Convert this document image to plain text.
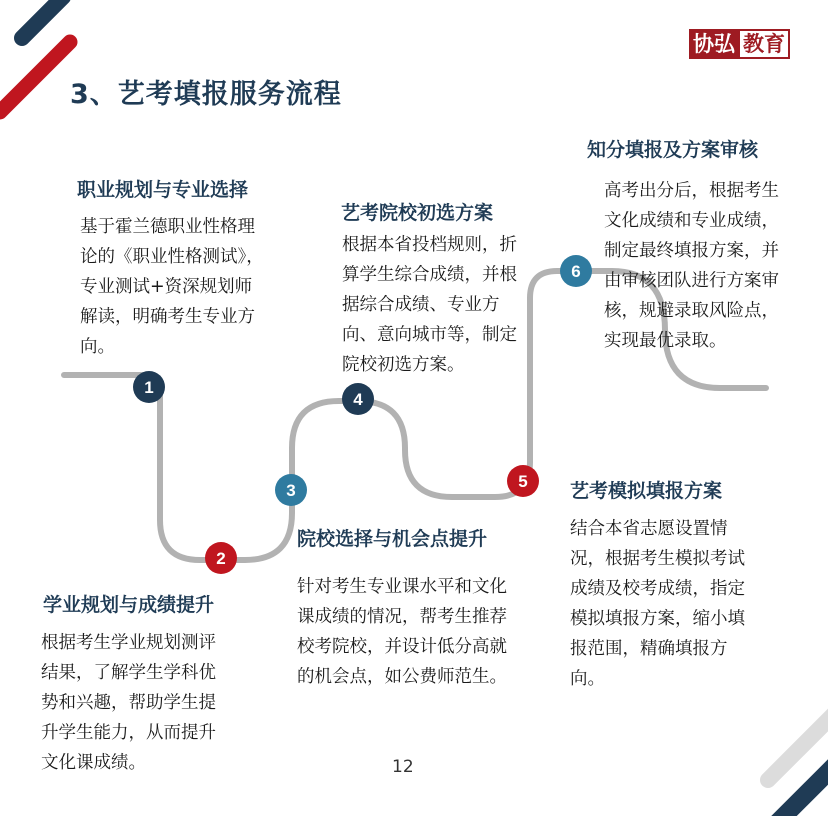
1
2
3
4
5
6
协弘 教育
3、艺考填报服务流程
职业规划与专业选择
基于霍兰德职业性格理论的《职业性格测试》，专业测试+资深规划师解读，明确考生专业方向。
学业规划与成绩提升
根据考生学业规划测评结果，了解学生学科优势和兴趣，帮助学生提升学生能力，从而提升文化课成绩。
院校选择与机会点提升
针对考生专业课水平和文化课成绩的情况，帮考生推荐校考院校，并设计低分高就的机会点，如公费师范生。
艺考院校初选方案
根据本省投档规则，折算学生综合成绩，并根据综合成绩、专业方向、意向城市等，制定院校初选方案。
艺考模拟填报方案
结合本省志愿设置情况，根据考生模拟考试成绩及校考成绩，指定模拟填报方案，缩小填报范围，精确填报方向。
知分填报及方案审核
高考出分后，根据考生文化成绩和专业成绩，制定最终填报方案，并由审核团队进行方案审核，规避录取风险点，实现最优录取。
12
